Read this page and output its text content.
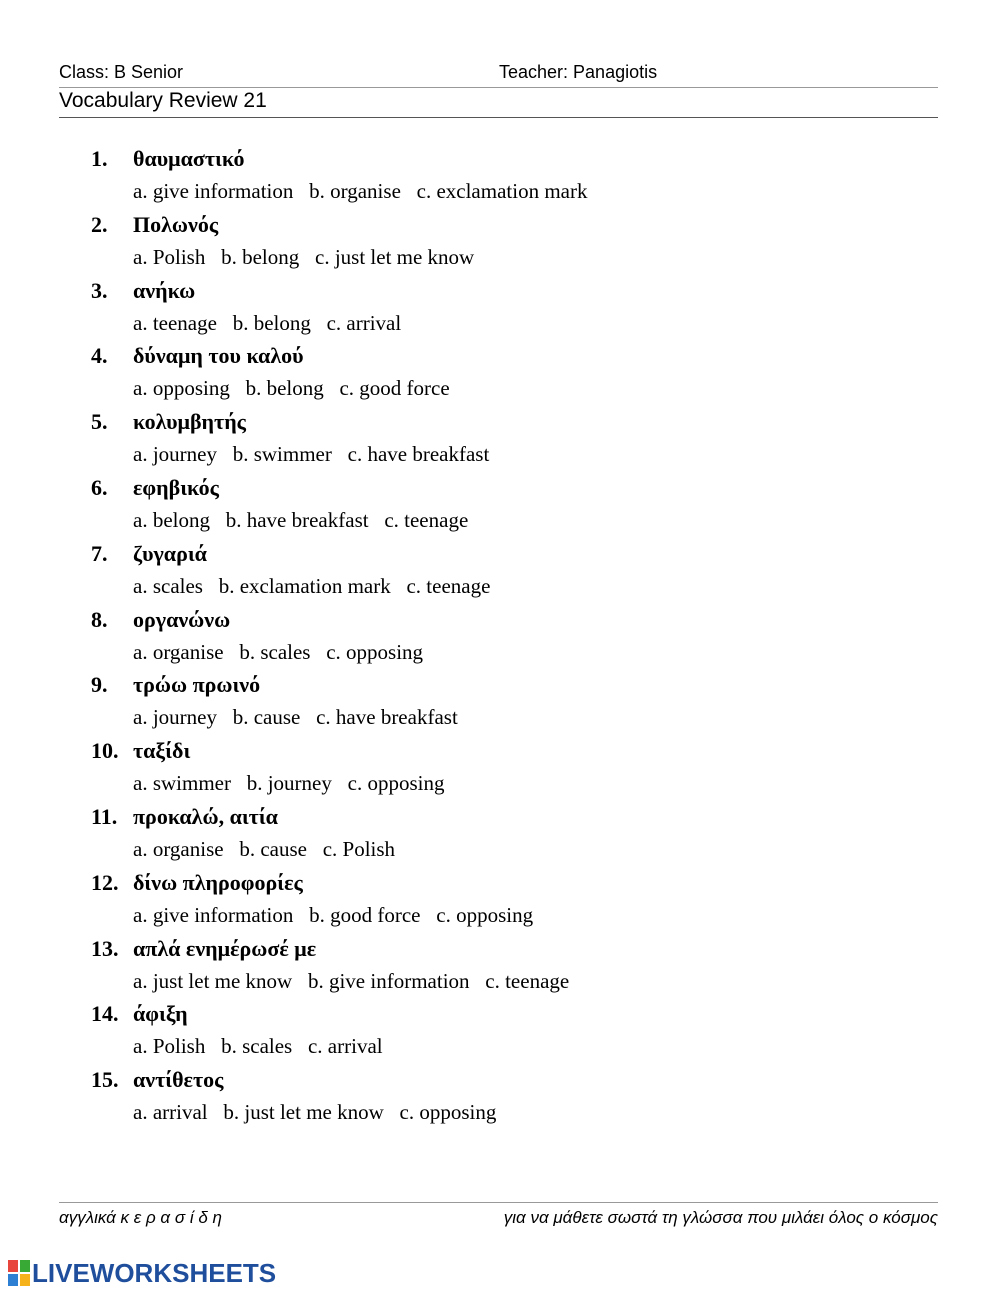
Class: B Senior	Teacher: Panagiotis
Vocabulary Review 21
1. θαυμαστικό
a. give information   b. organise   c. exclamation mark
2. Πολωνός
a. Polish   b. belong   c. just let me know
3. ανήκω
a. teenage   b. belong   c. arrival
4. δύναμη του καλού
a. opposing   b. belong   c. good force
5. κολυμβητής
a. journey   b. swimmer   c. have breakfast
6. εφηβικός
a. belong   b. have breakfast   c. teenage
7. ζυγαριά
a. scales   b. exclamation mark   c. teenage
8. οργανώνω
a. organise   b. scales   c. opposing
9. τρώω πρωινό
a. journey   b. cause   c. have breakfast
10. ταξίδι
a. swimmer   b. journey   c. opposing
11. προκαλώ, αιτία
a. organise   b. cause   c. Polish
12. δίνω πληροφορίες
a. give information   b. good force   c. opposing
13. απλά ενημέρωσέ με
a. just let me know   b. give information   c. teenage
14. άφιξη
a. Polish   b. scales   c. arrival
15. αντίθετος
a. arrival   b. just let me know   c. opposing
αγγλικά κ ε ρ α σ ί δ η	για να μάθετε σωστά τη γλώσσα που μιλάει όλος ο κόσμος
LIVEWORKSHEETS
